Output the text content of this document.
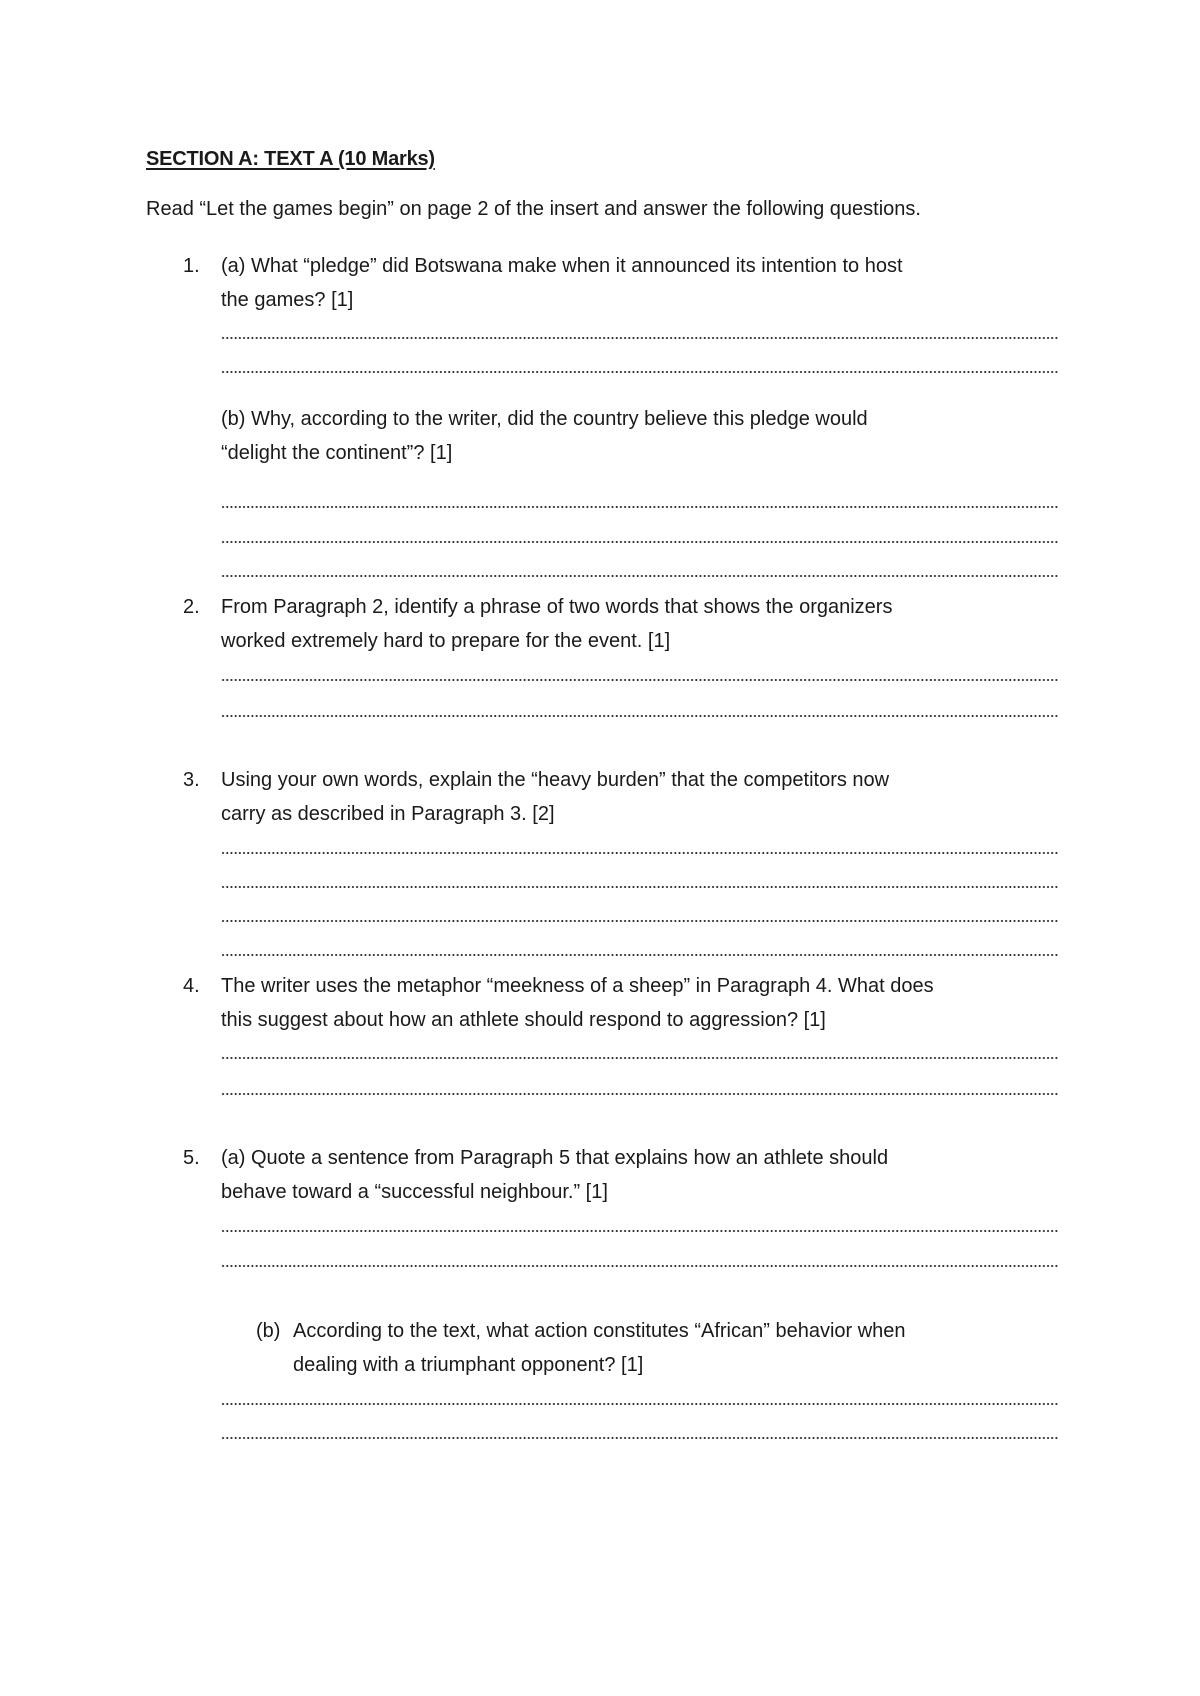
SECTION A: TEXT A (10 Marks)
Read “Let the games begin” on page 2 of the insert and answer the following questions.
1. (a) What “pledge” did Botswana make when it announced its intention to host
the games? [1]
(b) Why, according to the writer, did the country believe this pledge would
“delight the continent”? [1]
2. From Paragraph 2, identify a phrase of two words that shows the organizers
worked extremely hard to prepare for the event. [1]
3. Using your own words, explain the “heavy burden” that the competitors now
carry as described in Paragraph 3. [2]
4. The writer uses the metaphor “meekness of a sheep” in Paragraph 4. What does
this suggest about how an athlete should respond to aggression? [1]
5. (a) Quote a sentence from Paragraph 5 that explains how an athlete should
behave toward a “successful neighbour.” [1]
(b) According to the text, what action constitutes “African” behavior when
dealing with a triumphant opponent? [1]
